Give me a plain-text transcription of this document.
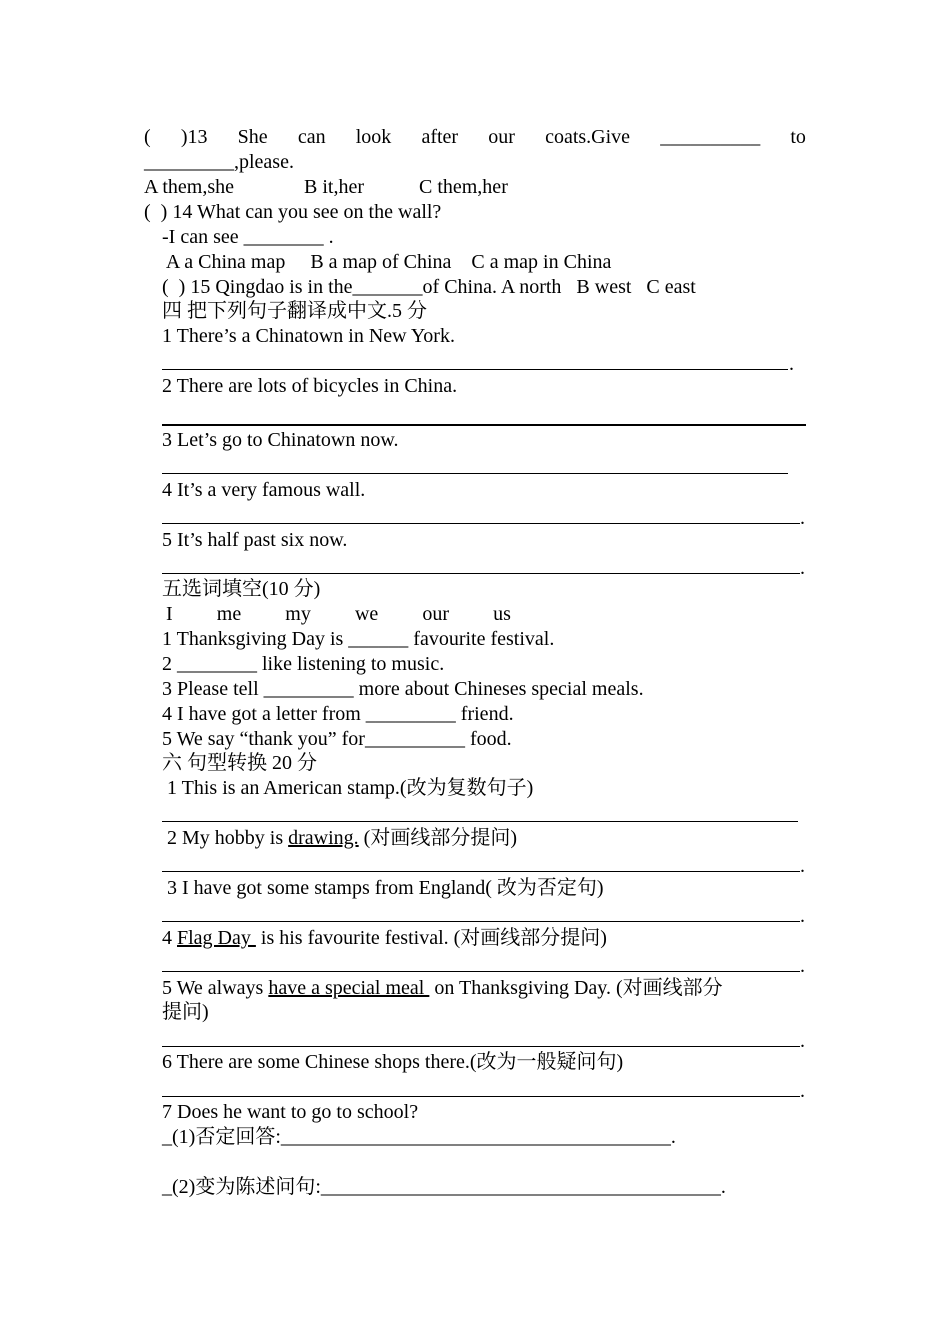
( )13 She can look after our coats.Give __________ to
_________,please.
A them,she              B it,her           C them,her
(  ) 14 What can you see on the wall?
-I can see ________ .
A a China map     B a map of China    C a map in China
(  ) 15 Qingdao is in the_______of China. A north   B west   C east
四 把下列句子翻译成中文.5 分
1 There’s a Chinatown in New York.
.
2 There are lots of bicycles in China.
3 Let’s go to Chinatown now.
4 It’s a very famous wall.
.
5 It’s half past six now.
.
五选词填空(10 分)
I me my we our us
1 Thanksgiving Day is ______ favourite festival.
2 ________ like listening to music.
3 Please tell _________ more about Chineses special meals.
4 I have got a letter from _________ friend.
5 We say “thank you” for__________ food.
六 句型转换 20 分
1 This is an American stamp.(改为复数句子)
2 My hobby is drawing. (对画线部分提问)
.
3 I have got some stamps from England( 改为否定句)
.
4 Flag Day  is his favourite festival. (对画线部分提问)
.
5 We always have a special meal  on Thanksgiving Day. (对画线部分
提问)
.
6 There are some Chinese shops there.(改为一般疑问句)
.
7 Does he want to go to school?
_(1)否定回答:_______________________________________.
_(2)变为陈述问句:________________________________________.
